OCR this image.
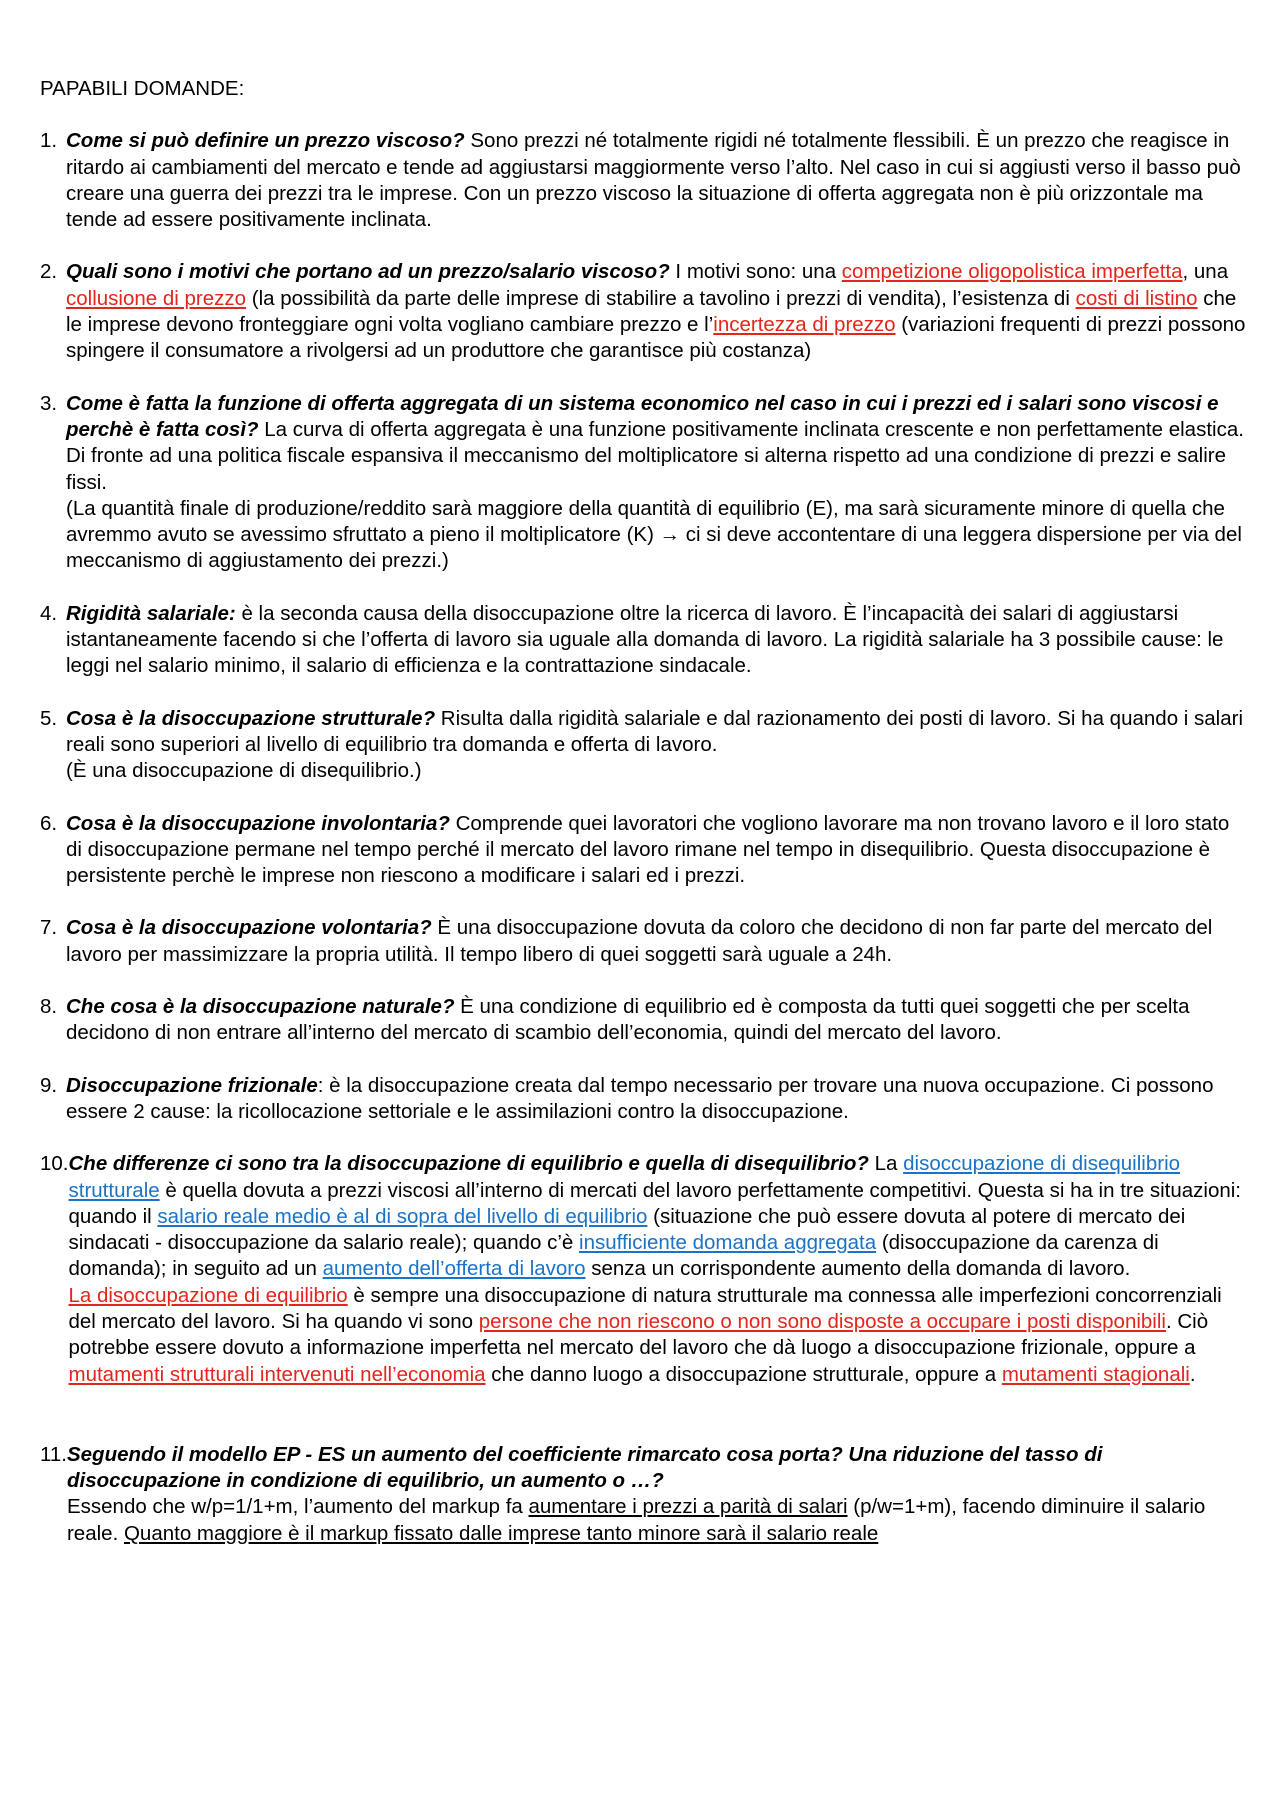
PAPABILI DOMANDE:
1. Come si può definire un prezzo viscoso? Sono prezzi né totalmente rigidi né totalmente flessibili. È un prezzo che reagisce in ritardo ai cambiamenti del mercato e tende ad aggiustarsi maggiormente verso l’alto. Nel caso in cui si aggiusti verso il basso può creare una guerra dei prezzi tra le imprese. Con un prezzo viscoso la situazione di offerta aggregata non è più orizzontale ma tende ad essere positivamente inclinata.
2. Quali sono i motivi che portano ad un prezzo/salario viscoso? I motivi sono: una competizione oligopolistica imperfetta, una collusione di prezzo (la possibilità da parte delle imprese di stabilire a tavolino i prezzi di vendita), l’esistenza di costi di listino che le imprese devono fronteggiare ogni volta vogliano cambiare prezzo e l’incertezza di prezzo (variazioni frequenti di prezzi possono spingere il consumatore a rivolgersi ad un produttore che garantisce più costanza)
3. Come è fatta la funzione di offerta aggregata di un sistema economico nel caso in cui i prezzi ed i salari sono viscosi e perchè è fatta così? La curva di offerta aggregata è una funzione positivamente inclinata crescente e non perfettamente elastica. Di fronte ad una politica fiscale espansiva il meccanismo del moltiplicatore si alterna rispetto ad una condizione di prezzi e salire fissi.
(La quantità finale di produzione/reddito sarà maggiore della quantità di equilibrio (E), ma sarà sicuramente minore di quella che avremmo avuto se avessimo sfruttato a pieno il moltiplicatore (K) → ci si deve accontentare di una leggera dispersione per via del meccanismo di aggiustamento dei prezzi.)
4. Rigidità salariale: è la seconda causa della disoccupazione oltre la ricerca di lavoro. È l’incapacità dei salari di aggiustarsi istantaneamente facendo si che l’offerta di lavoro sia uguale alla domanda di lavoro. La rigidità salariale ha 3 possibile cause: le leggi nel salario minimo, il salario di efficienza e la contrattazione sindacale.
5. Cosa è la disoccupazione strutturale? Risulta dalla rigidità salariale e dal razionamento dei posti di lavoro. Si ha quando i salari reali sono superiori al livello di equilibrio tra domanda e offerta di lavoro.
(È una disoccupazione di disequilibrio.)
6. Cosa è la disoccupazione involontaria? Comprende quei lavoratori che vogliono lavorare ma non trovano lavoro e il loro stato di disoccupazione permane nel tempo perché il mercato del lavoro rimane nel tempo in disequilibrio. Questa disoccupazione è persistente perchè le imprese non riescono a modificare i salari ed i prezzi.
7. Cosa è la disoccupazione volontaria? È una disoccupazione dovuta da coloro che decidono di non far parte del mercato del lavoro per massimizzare la propria utilità. Il tempo libero di quei soggetti sarà uguale a 24h.
8. Che cosa è la disoccupazione naturale? È una condizione di equilibrio ed è composta da tutti quei soggetti che per scelta decidono di non entrare all’interno del mercato di scambio dell’economia, quindi del mercato del lavoro.
9. Disoccupazione frizionale: è la disoccupazione creata dal tempo necessario per trovare una nuova occupazione. Ci possono essere 2 cause: la ricollocazione settoriale e le assimilazioni contro la disoccupazione.
10. Che differenze ci sono tra la disoccupazione di equilibrio e quella di disequilibrio? La disoccupazione di disequilibrio strutturale è quella dovuta a prezzi viscosi all’interno di mercati del lavoro perfettamente competitivi. Questa si ha in tre situazioni: quando il salario reale medio è al di sopra del livello di equilibrio (situazione che può essere dovuta al potere di mercato dei sindacati - disoccupazione da salario reale); quando c’è insufficiente domanda aggregata (disoccupazione da carenza di domanda); in seguito ad un aumento dell’offerta di lavoro senza un corrispondente aumento della domanda di lavoro.
La disoccupazione di equilibrio è sempre una disoccupazione di natura strutturale ma connessa alle imperfezioni concorrenziali del mercato del lavoro. Si ha quando vi sono persone che non riescono o non sono disposte a occupare i posti disponibili. Ciò potrebbe essere dovuto a informazione imperfetta nel mercato del lavoro che dà luogo a disoccupazione frizionale, oppure a mutamenti strutturali intervenuti nell’economia che danno luogo a disoccupazione strutturale, oppure a mutamenti stagionali.
11. Seguendo il modello EP - ES un aumento del coefficiente rimarcato cosa porta? Una riduzione del tasso di disoccupazione in condizione di equilibrio, un aumento o …?
Essendo che w/p=1/1+m, l’aumento del markup fa aumentare i prezzi a parità di salari (p/w=1+m), facendo diminuire il salario reale. Quanto maggiore è il markup fissato dalle imprese tanto minore sarà il salario reale
